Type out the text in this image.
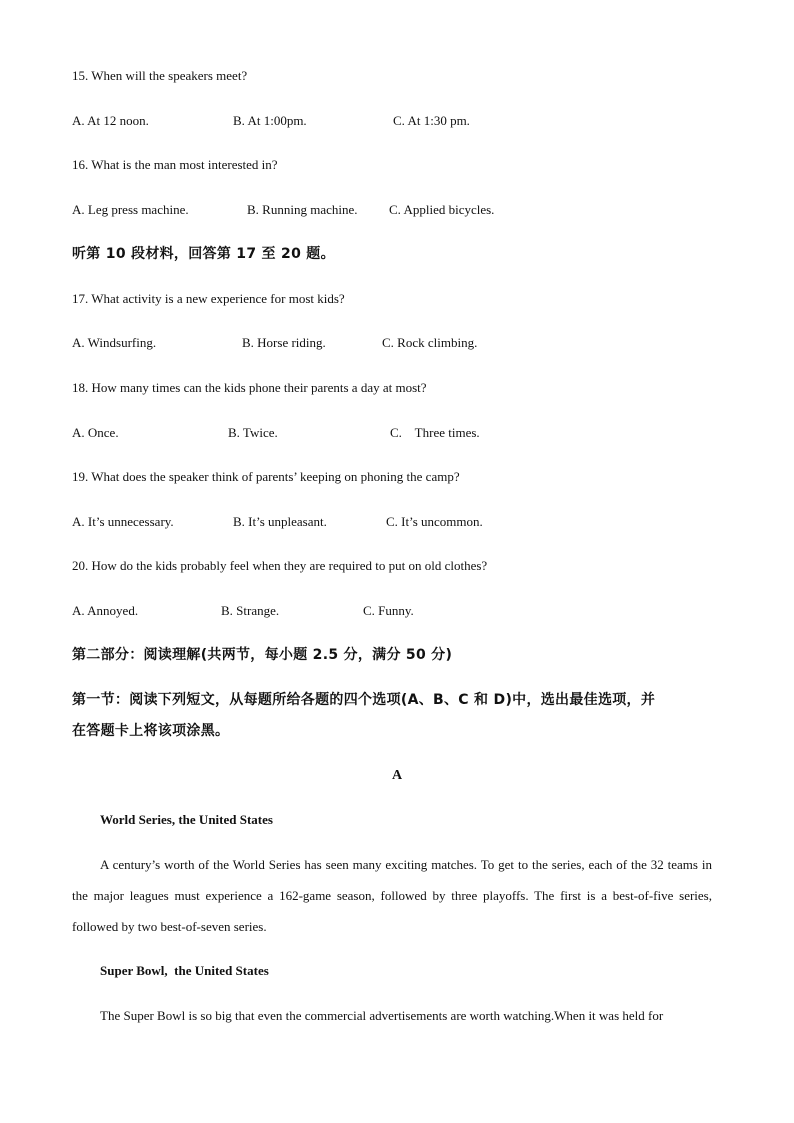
15. When will the speakers meet?
A. At 12 noon.	B. At 1:00pm.	C. At 1:30 pm.
16. What is the man most interested in?
A. Leg press machine.	B. Running machine. C. Applied bicycles.
听第 10 段材料，回答第 17 至 20 题。
17. What activity is a new experience for most kids?
A. Windsurfing.	B. Horse riding.	C. Rock climbing.
18. How many times can the kids phone their parents a day at most?
A. Once.	B. Twice.	C.    Three times.
19. What does the speaker think of parents’ keeping on phoning the camp?
A. It’s unnecessary.	B. It’s unpleasant.	C. It’s uncommon.
20. How do the kids probably feel when they are required to put on old clothes?
A. Annoyed.	B. Strange.	C. Funny.
第二部分：阅读理解(共两节，每小题 2.5 分，满分 50 分)
第一节：阅读下列短文，从每题所给各题的四个选项(A、B、C 和 D)中，选出最佳选项，并
在答题卡上将该项涂黑。
A
World Series, the United States
A century’s worth of the World Series has seen many exciting matches. To get to the series, each of the 32 teams in the major leagues must experience a 162-game season, followed by three playoffs. The first is a best-of-five series, followed by two best-of-seven series.
Super Bowl,  the United States
The Super Bowl is so big that even the commercial advertisements are worth watching.When it was held for
